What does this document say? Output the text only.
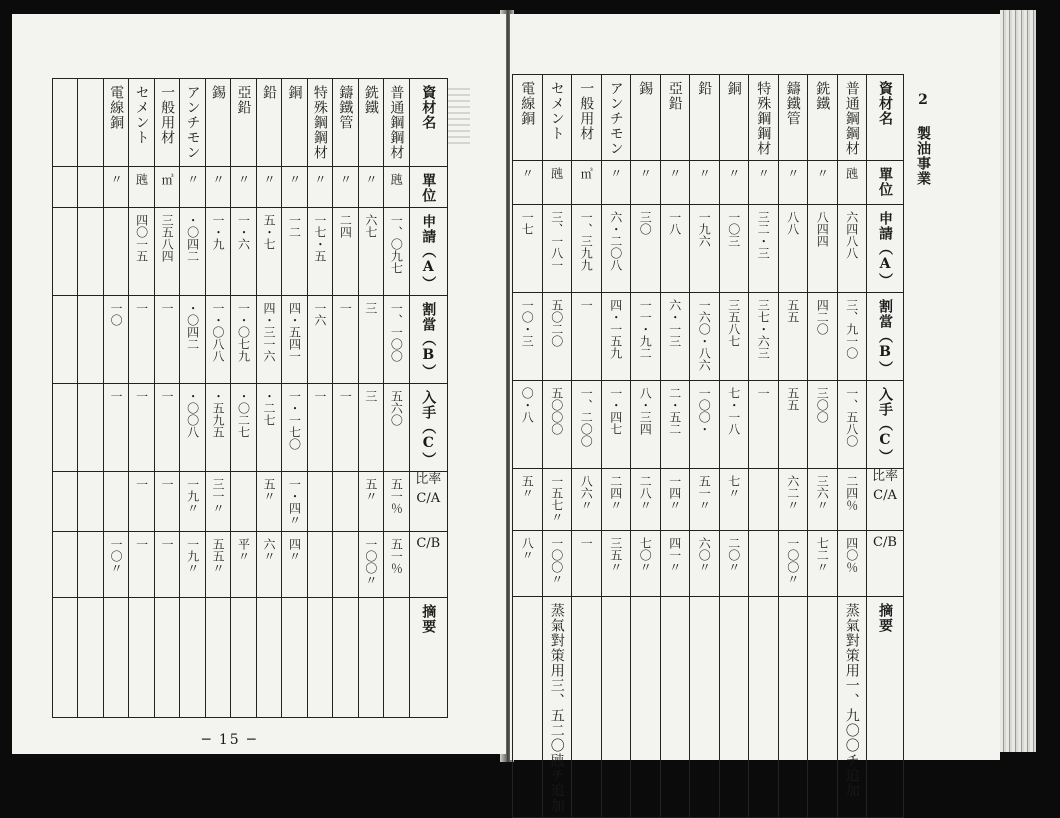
		電線銅	セメント	一般用材	アンチモン	錫	亞鉛	鉛	銅	特殊鋼鋼材	鑄鐵管	銑鐵	普通鋼鋼材	資材名
		〃	瓲	㎥	〃	〃	〃	〃	〃	〃	〃	〃	瓲	單位
			四〇一五	三五八四	・〇四二	一・九	一・六	五・七	一二	一七・五	二四	六七	一、〇九七	申請（A）
		一〇	一	一	・〇四二	一・〇八八	一・〇七九	四・三一六	四・五四一	一六	一	三	一、一〇〇	割當（B）
		一	一	一	・〇〇八	・五九五	・〇二七	・二七	一・一七〇	一	一	三	五六〇	入手（C）
			一	一	一九〃	三一〃		五〃	一・四〃			五〃	五一％	比率
C/A
		一〇〃	一	一	一九〃	五五〃	平〃	六〃	四〃			一〇〇〃	五一％	C/B
														摘要
─ 15 ─
電線銅	セメント	一般用材	アンチモン	錫	亞鉛	鉛	銅	特殊鋼鋼材	鑄鐵管	銑鐵	普通鋼鋼材	資材名
〃	瓲	㎥	〃	〃	〃	〃	〃	〃	〃	〃	瓲	單位
一七	三、一八一	一、三九九	六・二〇八	三〇	一八	一九六	一〇三	三二・三	八八	八四四	六四八八	申請（A）
一〇・三	五〇二〇	一	四・一五九	一一・九二	六・一三	一六〇・八六	三五八七	三七・六三	五五	四二〇	三、九一〇	割當（B）
〇・八	五〇〇〇	一、二〇〇	一・四七	八・三四	二・五二	一〇〇・	七・一八	一	五五	三〇〇	一、五八〇	入手（C）
五〃	一五七〃	八六〃	二四〃	二八〃	一四〃	五一〃	七〃		六二〃	三六〃	二四％	比率
C/A
八〃	一〇〇〃	一	三五〃	七〇〃	四一〃	六〇〃	二〇〃		一〇〇〃	七二〃	四〇％	C/B
	蒸氣對策用三、五二〇瓲チ追加										蒸氣對策用一、九〇〇チ追加	摘要
2 製油事業
